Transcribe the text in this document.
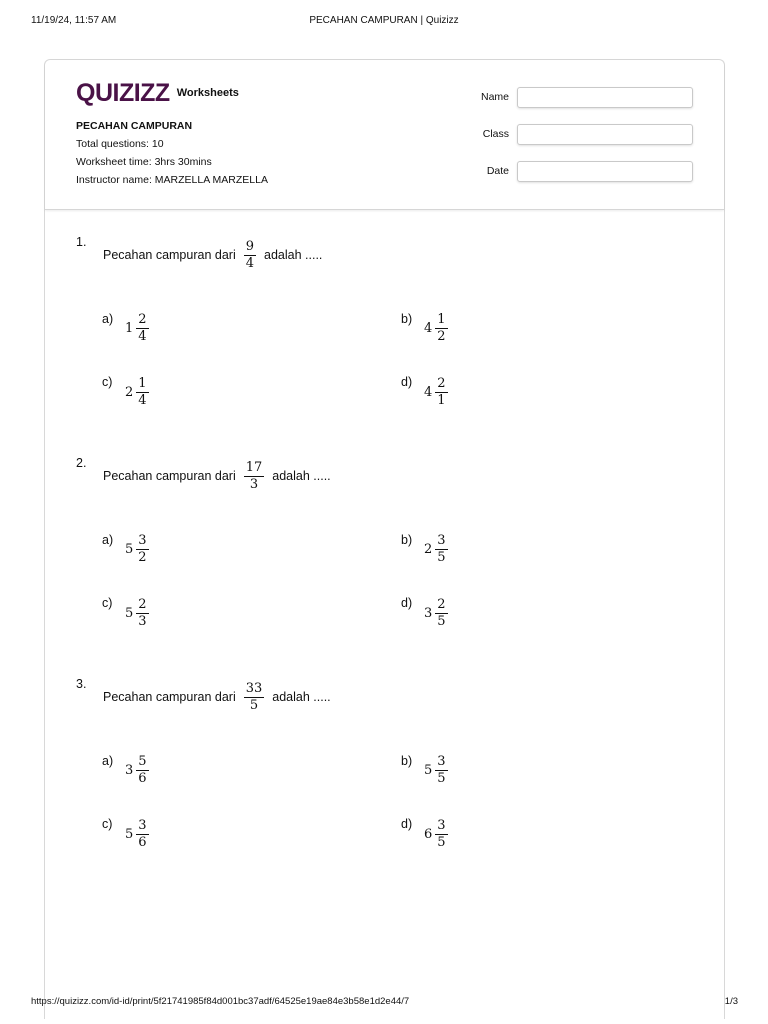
11/19/24, 11:57 AM	PECAHAN CAMPURAN | Quizizz
QUIZIZZ Worksheets
PECAHAN CAMPURAN
Total questions: 10
Worksheet time: 3hrs 30mins
Instructor name: MARZELLA MARZELLA
Name
Class
Date
1.
Pecahan campuran dari $\frac{9}{4}$ adalah .....
a)
$1 \frac{2}{4}$	b)
$4 \frac{1}{2}$
c)
$2 \frac{1}{4}$	d)
$4 \frac{2}{1}$
2.
Pecahan campuran dari $\frac{17}{3}$ adalah .....
a)
$5 \frac{3}{2}$	b)
$2 \frac{3}{5}$
c)
$5 \frac{2}{3}$	d)
$3 \frac{2}{5}$
3.
Pecahan campuran dari $\frac{33}{5}$ adalah .....
a)
$3 \frac{5}{6}$	b)
$5 \frac{3}{5}$
c)
$5 \frac{3}{6}$	d)
$6 \frac{3}{5}$
https://quizizz.com/id-id/print/5f21741985f84d001bc37adf/64525e19ae84e3b58e1d2e44/7	1/3
